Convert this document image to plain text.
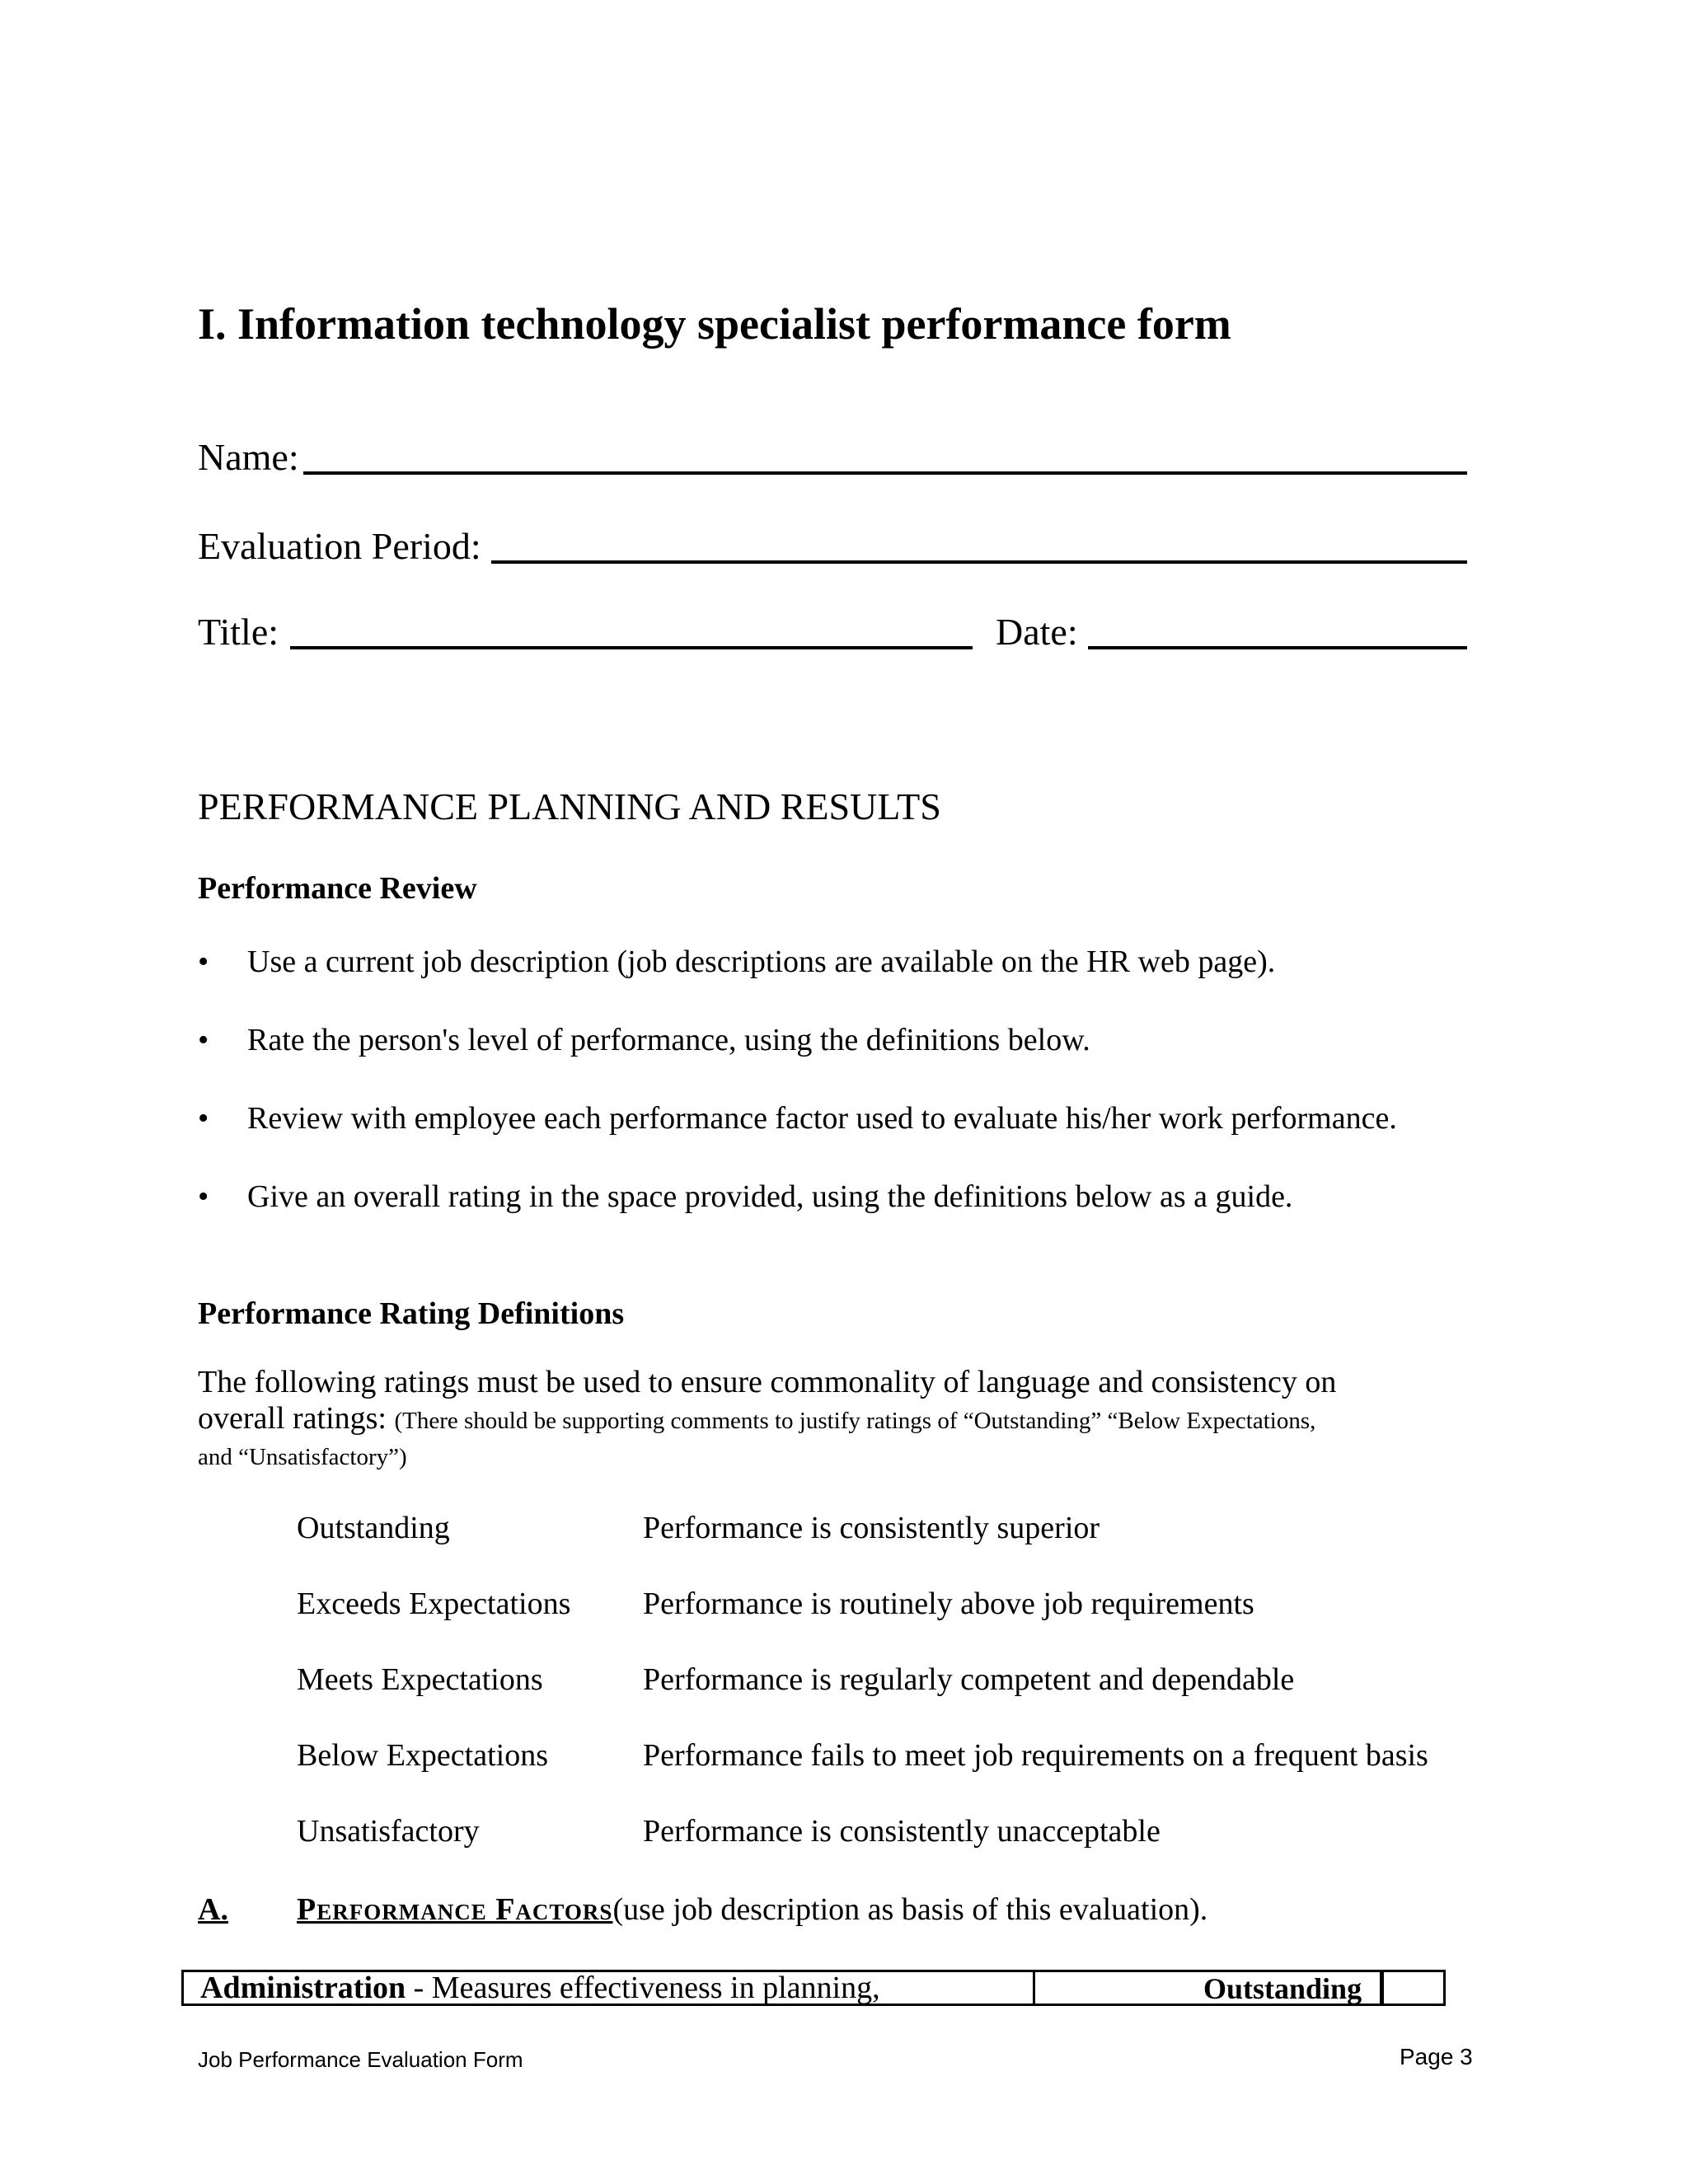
I. Information technology specialist performance form
Name:
Evaluation Period:
Title:	Date:
PERFORMANCE PLANNING AND RESULTS
Performance Review
• Use a current job description (job descriptions are available on the HR web page).
• Rate the person's level of performance, using the definitions below.
• Review with employee each performance factor used to evaluate his/her work performance.
• Give an overall rating in the space provided, using the definitions below as a guide.
Performance Rating Definitions
The following ratings must be used to ensure commonality of language and consistency on
overall ratings: (There should be supporting comments to justify ratings of “Outstanding” “Below Expectations,
and “Unsatisfactory”)
Outstanding	Performance is consistently superior
Exceeds Expectations Performance is routinely above job requirements
Meets Expectations	Performance is regularly competent and dependable
Below Expectations	Performance fails to meet job requirements on a frequent basis
Unsatisfactory	Performance is consistently unacceptable
A. Performance Factors(use job description as basis of this evaluation).
Administration - Measures effectiveness in planning,	Outstanding
Job Performance Evaluation Form	Page 3
